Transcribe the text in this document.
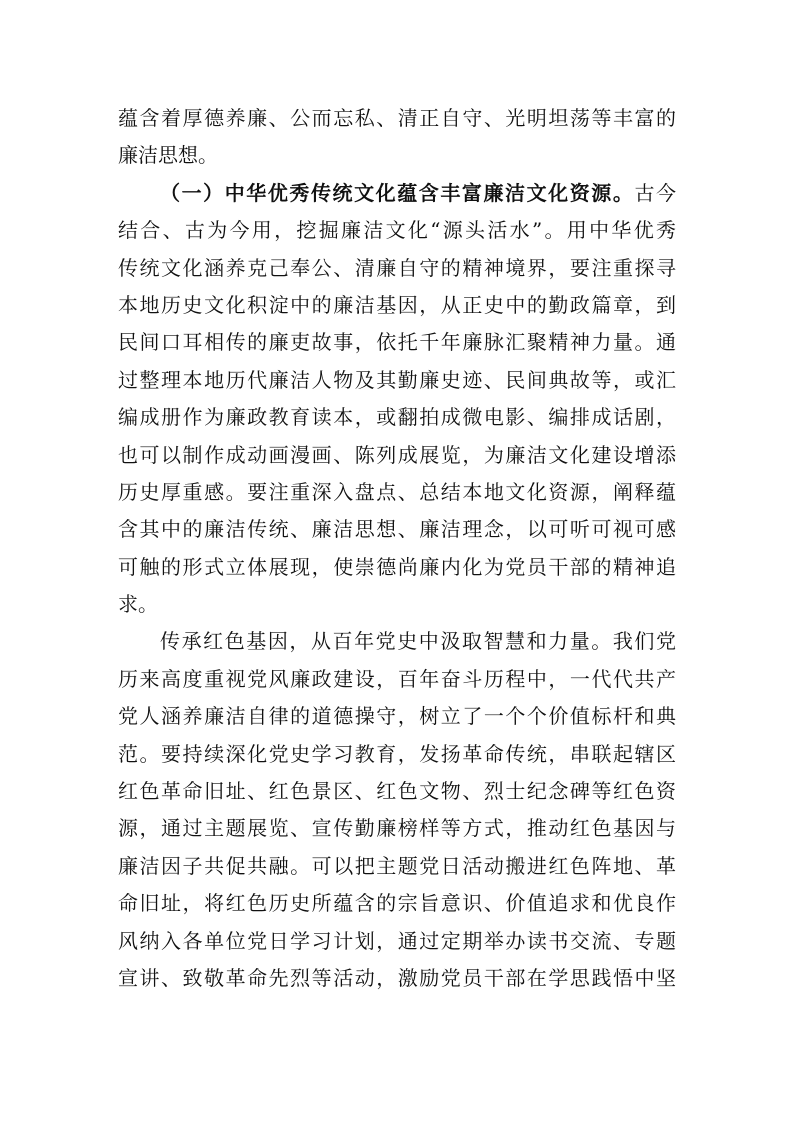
蕴含着厚德养廉、公而忘私、清正自守、光明坦荡等丰富的
廉洁思想。
（一）中华优秀传统文化蕴含丰富廉洁文化资源。古今
结合、古为今用，挖掘廉洁文化“源头活水”。用中华优秀
传统文化涵养克己奉公、清廉自守的精神境界，要注重探寻
本地历史文化积淀中的廉洁基因，从正史中的勤政篇章，到
民间口耳相传的廉吏故事，依托千年廉脉汇聚精神力量。通
过整理本地历代廉洁人物及其勤廉史迹、民间典故等，或汇
编成册作为廉政教育读本，或翻拍成微电影、编排成话剧，
也可以制作成动画漫画、陈列成展览，为廉洁文化建设增添
历史厚重感。要注重深入盘点、总结本地文化资源，阐释蕴
含其中的廉洁传统、廉洁思想、廉洁理念，以可听可视可感
可触的形式立体展现，使崇德尚廉内化为党员干部的精神追
求。
传承红色基因，从百年党史中汲取智慧和力量。我们党
历来高度重视党风廉政建设，百年奋斗历程中，一代代共产
党人涵养廉洁自律的道德操守，树立了一个个价值标杆和典
范。要持续深化党史学习教育，发扬革命传统，串联起辖区
红色革命旧址、红色景区、红色文物、烈士纪念碑等红色资
源，通过主题展览、宣传勤廉榜样等方式，推动红色基因与
廉洁因子共促共融。可以把主题党日活动搬进红色阵地、革
命旧址，将红色历史所蕴含的宗旨意识、价值追求和优良作
风纳入各单位党日学习计划，通过定期举办读书交流、专题
宣讲、致敬革命先烈等活动，激励党员干部在学思践悟中坚
